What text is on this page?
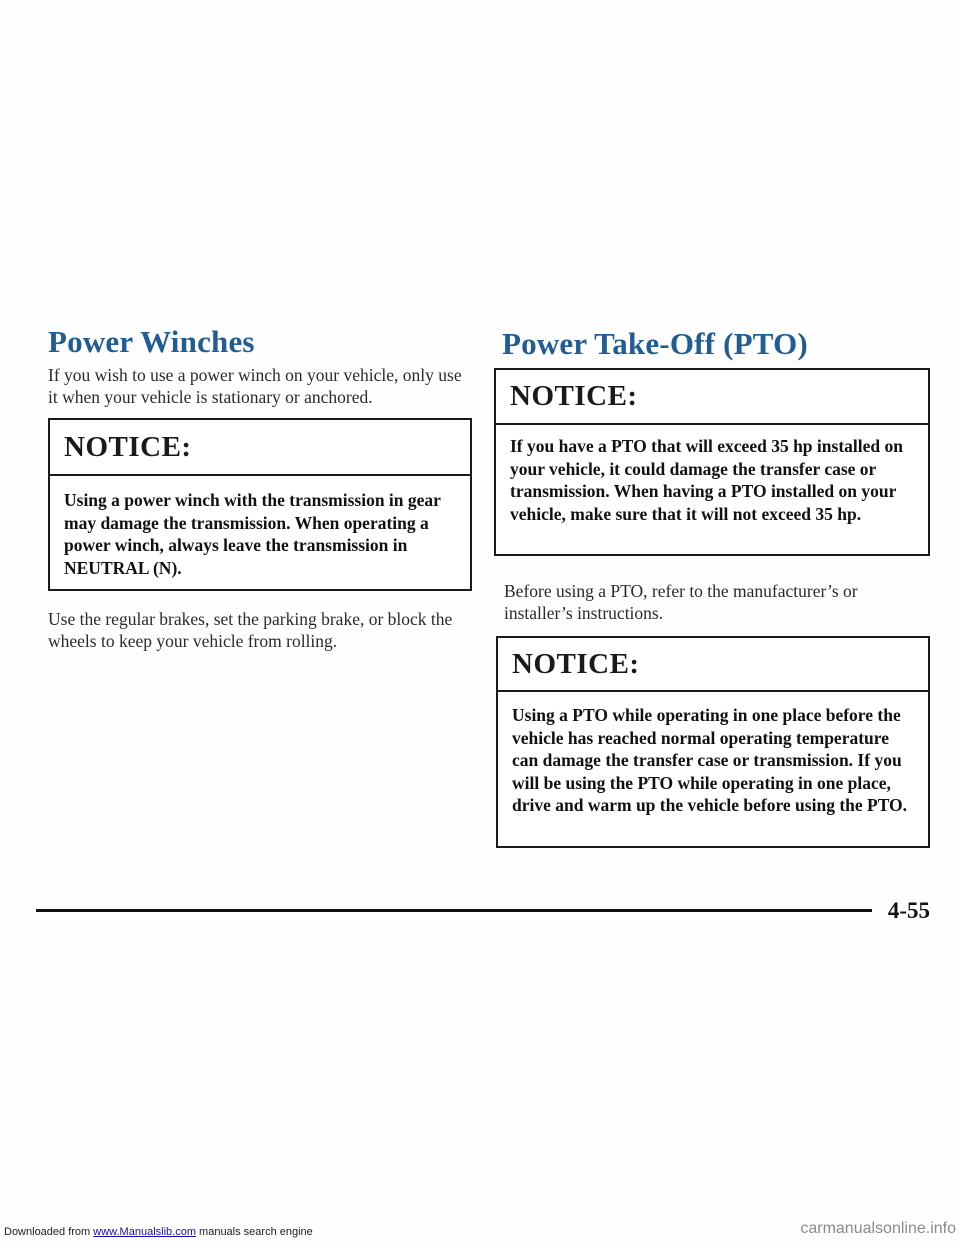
Power Winches

If you wish to use a power winch on your vehicle, only use it when your vehicle is stationary or anchored.

NOTICE:
Using a power winch with the transmission in gear may damage the transmission. When operating a power winch, always leave the transmission in NEUTRAL (N).

Use the regular brakes, set the parking brake, or block the wheels to keep your vehicle from rolling.

Power Take-Off (PTO)
NOTICE:
If you have a PTO that will exceed 35 hp installed on your vehicle, it could damage the transfer case or transmission. When having a PTO installed on your vehicle, make sure that it will not exceed 35 hp.

Before using a PTO, refer to the manufacturer’s or installer’s instructions.

NOTICE:
Using a PTO while operating in one place before the vehicle has reached normal operating temperature can damage the transfer case or transmission. If you will be using the PTO while operating in one place, drive and warm up the vehicle before using the PTO.
4-55
Downloaded from www.Manualslib.com manuals search engine	carmanualsonline.info
